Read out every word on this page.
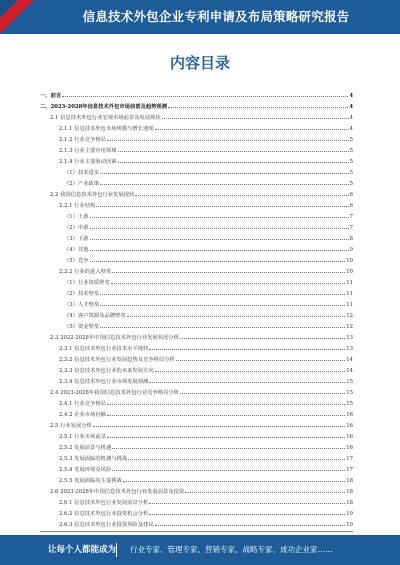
信息技术外包企业专利申请及布局策略研究报告
内容目录
一、前言	4
二、2023-2028年信息技术外包市场前景及趋势预测	4
2.1 信息技术外包行业宏观市场前景及发展现状	4
2.1.1 信息技术外包市场规模与增长速度	4
2.1.2 行业竞争格局	5
2.1.3 行业主要应用领域	5
2.1.4 行业主要驱动因素	5
（1）技术进步	5
（2）产业政策	5
2.2 我国信息技术外包行业发展现状	6
2.2.1 行业结构	6
（1）上游	7
（2）中游	7
（3）下游	8
（4）其他	9
（5）竞争	10
2.2.2 行业的进入壁垒	10
（1）行业资质壁垒	11
（2）技术壁垒	11
（3）人才壁垒	11
（4）客户资源及品牌壁垒	12
（5）资金壁垒	12
2.3 2022-2028年中国信息技术外包行业发展状况分析	13
2.3.1 信息技术外包行业技术水平现状	13
2.3.2 信息技术外包行业发展趋势及竞争格局分析	14
2.3.3 信息技术外包行业的未来发展方向	14
2.3.4 信息技术外包行业市场发展预测	15
2.4 2023-2028年我国信息技术外包行业竞争格局分析	15
2.4.1 行业竞争格局	15
2.4.2 企业市场份额	16
2.5 行业发展分析	16
2.5.1 行业市场前景	16
2.5.2 发展前景与机遇	16
2.5.3 发展面临的机遇与挑战	17
2.5.4 发展环境及风险	17
2.5.5 发展面临的主要挑战	18
2.6 2023-2028年中国信息技术外包行业发展前景及投资	18
2.6.1 信息技术外包行业发展前景分析	18
2.6.2 信息技术外包行业投资机会分析	19
2.6.3 信息技术外包行业投资风险及建议	19
让每个人都能成为 行业专家、管理专家、营销专家、战略专家、成功企业家……
